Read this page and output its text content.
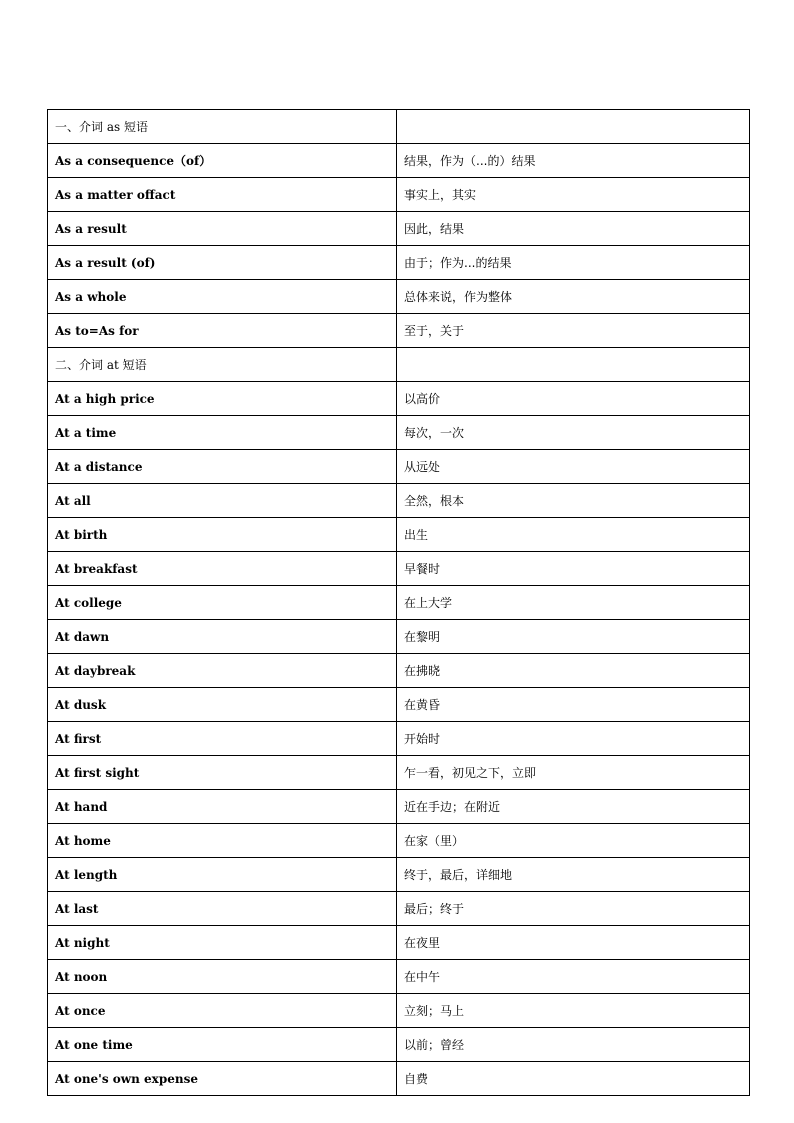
一、介词 as 短语	
As a consequence（of）	结果，作为（...的）结果
As a matter offact	事实上，其实
As a result	因此，结果
As a result (of)	由于；作为...的结果
As a whole	总体来说，作为整体
As to=As for	至于，关于
二、介词 at 短语	
At a high price	以高价
At a time	每次，一次
At a distance	从远处
At all	全然，根本
At birth	出生
At breakfast	早餐时
At college	在上大学
At dawn	在黎明
At daybreak	在拂晓
At dusk	在黄昏
At first	开始时
At first sight	乍一看，初见之下，立即
At hand	近在手边；在附近
At home	在家（里）
At length	终于，最后，详细地
At last	最后；终于
At night	在夜里
At noon	在中午
At once	立刻；马上
At one time	以前；曾经
At one's own expense	自费
